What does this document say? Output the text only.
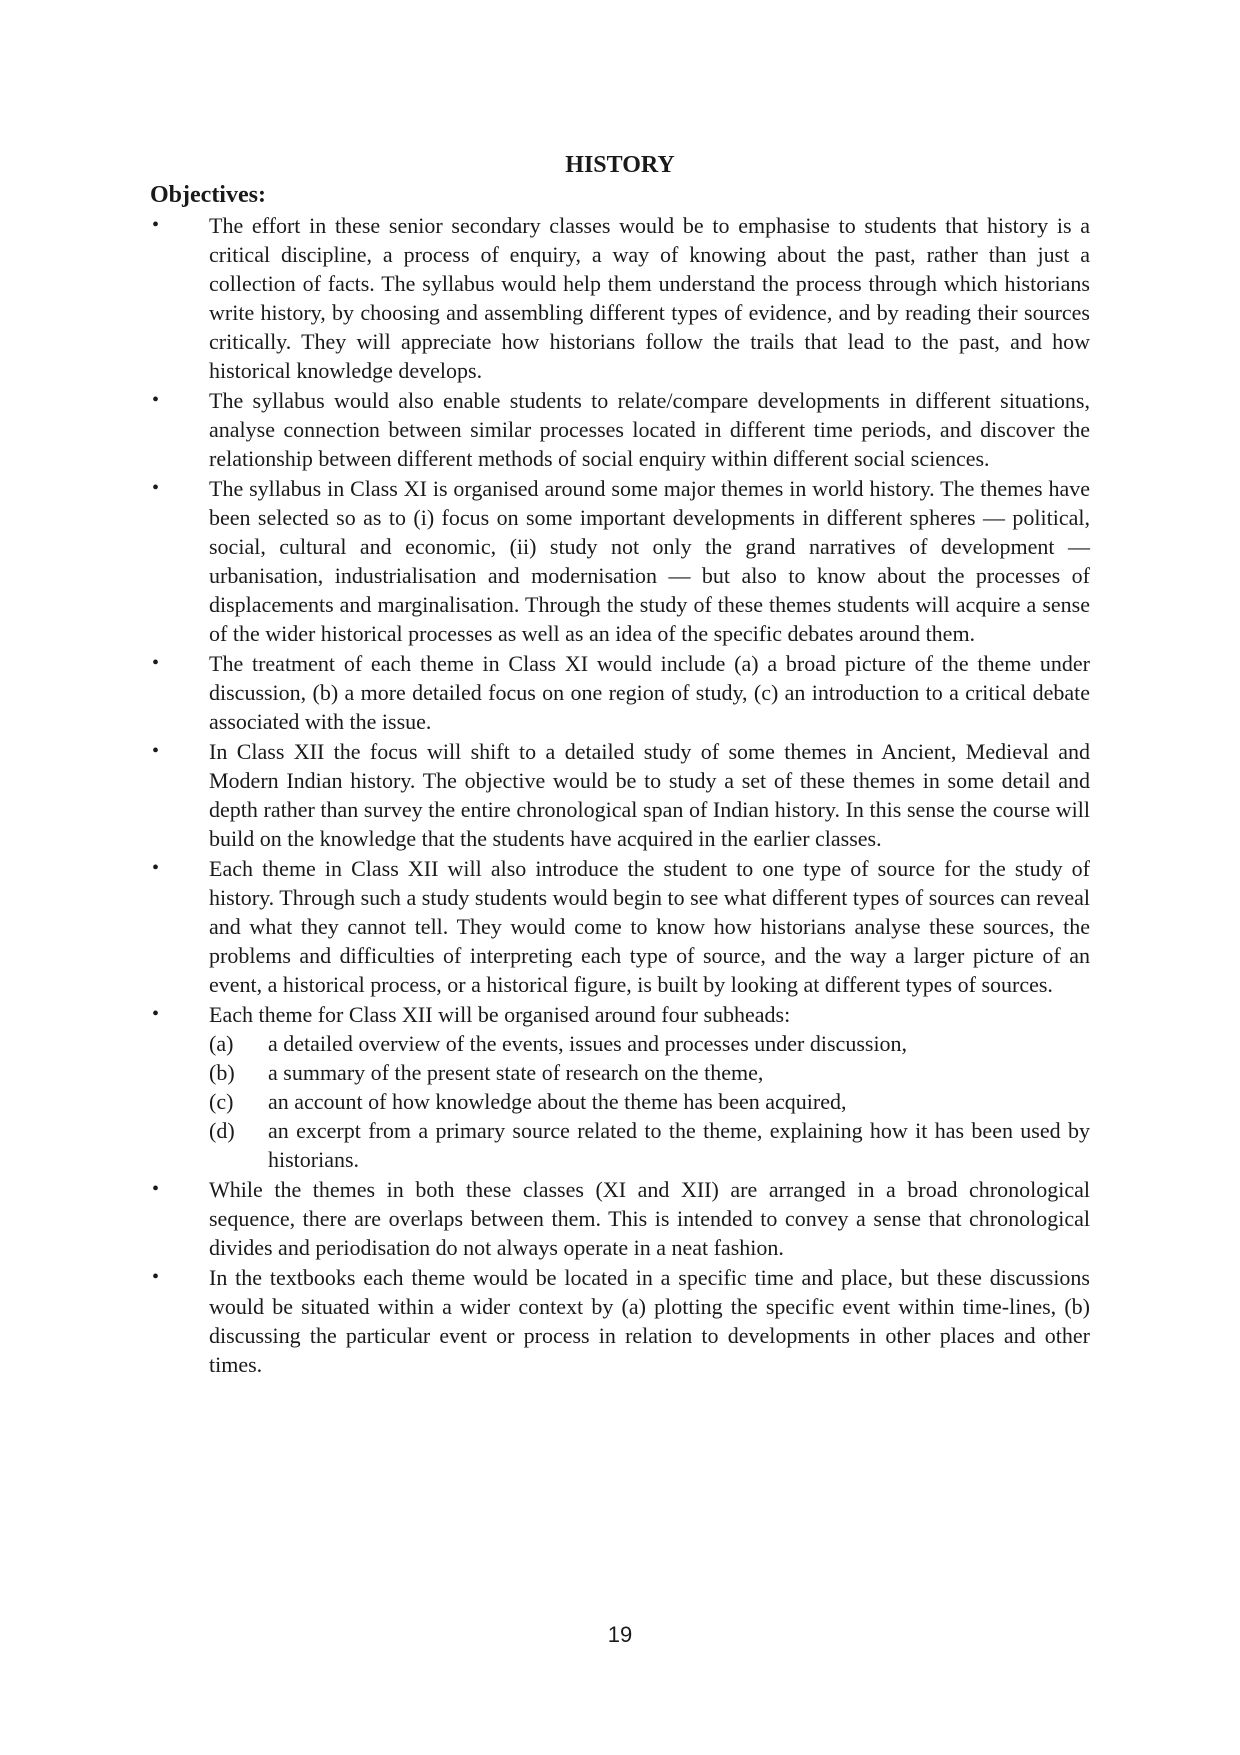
HISTORY
Objectives:
• The effort in these senior secondary classes would be to emphasise to students that history is a critical discipline, a process of enquiry, a way of knowing about the past, rather than just a collection of facts. The syllabus would help them understand the process through which historians write history, by choosing and assembling different types of evidence, and by reading their sources critically. They will appreciate how historians follow the trails that lead to the past, and how historical knowledge develops.
• The syllabus would also enable students to relate/compare developments in different situations, analyse connection between similar processes located in different time periods, and discover the relationship between different methods of social enquiry within different social sciences.
• The syllabus in Class XI is organised around some major themes in world history. The themes have been selected so as to (i) focus on some important developments in different spheres — political, social, cultural and economic, (ii) study not only the grand narratives of development — urbanisation, industrialisation and modernisation — but also to know about the processes of displacements and marginalisation. Through the study of these themes students will acquire a sense of the wider historical processes as well as an idea of the specific debates around them.
• The treatment of each theme in Class XI would include (a) a broad picture of the theme under discussion, (b) a more detailed focus on one region of study, (c) an introduction to a critical debate associated with the issue.
• In Class XII the focus will shift to a detailed study of some themes in Ancient, Medieval and Modern Indian history. The objective would be to study a set of these themes in some detail and depth rather than survey the entire chronological span of Indian history. In this sense the course will build on the knowledge that the students have acquired in the earlier classes.
• Each theme in Class XII will also introduce the student to one type of source for the study of history. Through such a study students would begin to see what different types of sources can reveal and what they cannot tell. They would come to know how historians analyse these sources, the problems and difficulties of interpreting each type of source, and the way a larger picture of an event, a historical process, or a historical figure, is built by looking at different types of sources.
• Each theme for Class XII will be organised around four subheads:
(a) a detailed overview of the events, issues and processes under discussion,
(b) a summary of the present state of research on the theme,
(c) an account of how knowledge about the theme has been acquired,
(d) an excerpt from a primary source related to the theme, explaining how it has been used by historians.
• While the themes in both these classes (XI and XII) are arranged in a broad chronological sequence, there are overlaps between them. This is intended to convey a sense that chronological divides and periodisation do not always operate in a neat fashion.
• In the textbooks each theme would be located in a specific time and place, but these discussions would be situated within a wider context by (a) plotting the specific event within time-lines, (b) discussing the particular event or process in relation to developments in other places and other times.
19
